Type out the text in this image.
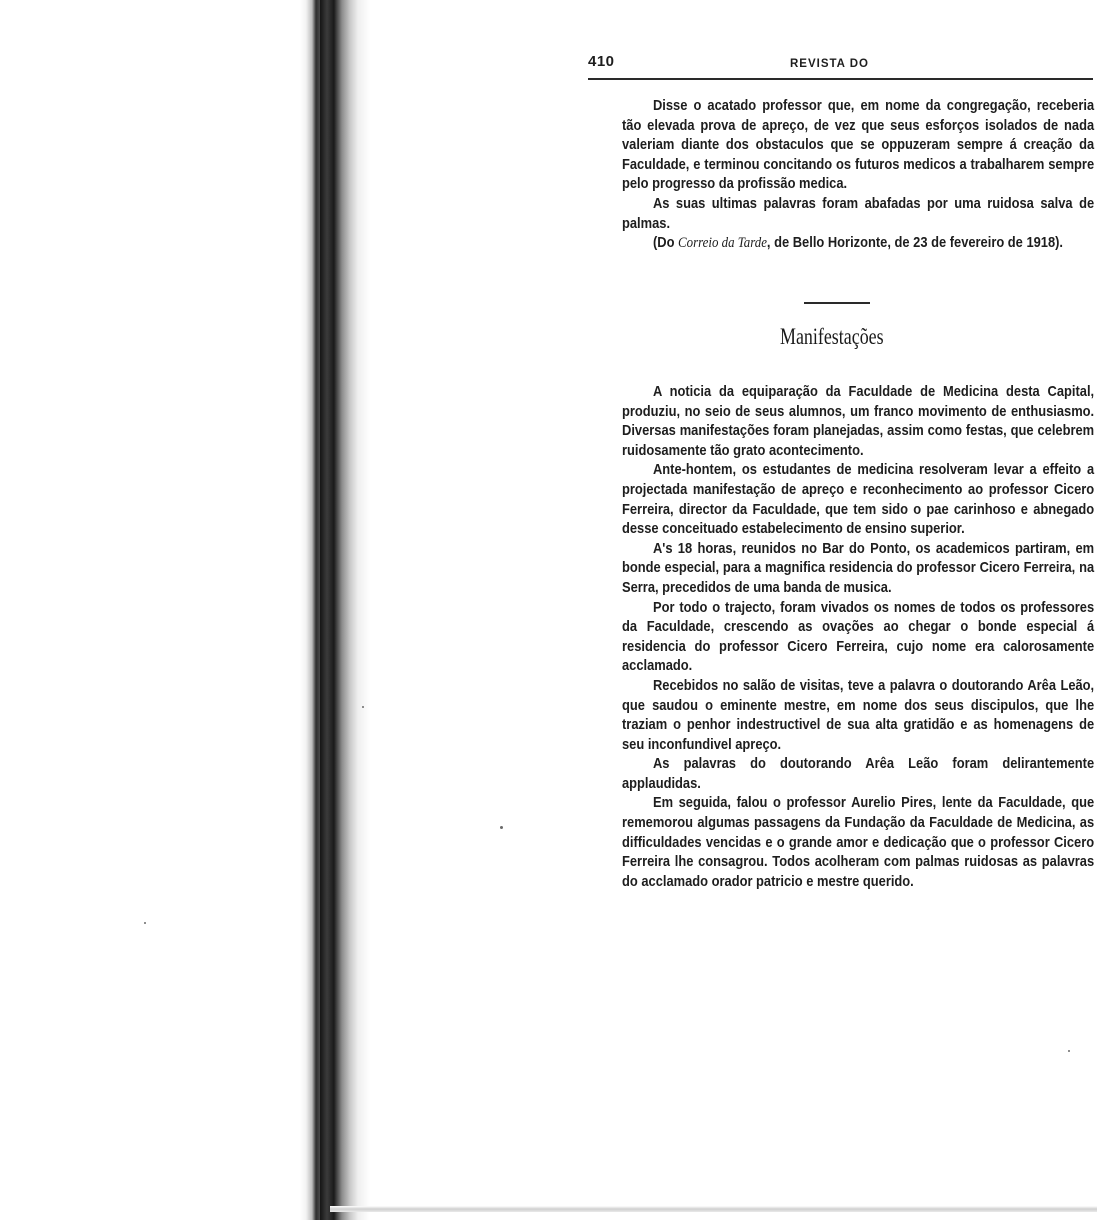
410	REVISTA DO

Disse o acatado professor que, em nome da congregação, receberia tão elevada prova de apreço, de vez que seus esforços isolados de nada valeriam diante dos obstaculos que se oppuzeram sempre á creação da Faculdade, e terminou concitando os futuros medicos a trabalharem sempre pelo progresso da profissão medica.

As suas ultimas palavras foram abafadas por uma ruidosa salva de palmas.

(Do Correio da Tarde, de Bello Horizonte, de 23 de fevereiro de 1918).

Manifestações

A noticia da equiparação da Faculdade de Medicina desta Capital, produziu, no seio de seus alumnos, um franco movimento de enthusiasmo. Diversas manifestações foram planejadas, assim como festas, que celebrem ruidosamente tão grato acontecimento.

Ante-hontem, os estudantes de medicina resolveram levar a effeito a projectada manifestação de apreço e reconhecimento ao professor Cicero Ferreira, director da Faculdade, que tem sido o pae carinhoso e abnegado desse conceituado estabelecimento de ensino superior.

A's 18 horas, reunidos no Bar do Ponto, os academicos partiram, em bonde especial, para a magnifica residencia do professor Cicero Ferreira, na Serra, precedidos de uma banda de musica.

Por todo o trajecto, foram vivados os nomes de todos os professores da Faculdade, crescendo as ovações ao chegar o bonde especial á residencia do professor Cicero Ferreira, cujo nome era calorosamente acclamado.

Recebidos no salão de visitas, teve a palavra o doutorando Arêa Leão, que saudou o eminente mestre, em nome dos seus discipulos, que lhe traziam o penhor indestructivel de sua alta gratidão e as homenagens de seu inconfundivel apreço.

As palavras do doutorando Arêa Leão foram delirantemente applaudidas.

Em seguida, falou o professor Aurelio Pires, lente da Faculdade, que rememorou algumas passagens da Fundação da Faculdade de Medicina, as difficuldades vencidas e o grande amor e dedicação que o professor Cicero Ferreira lhe consagrou. Todos acolheram com palmas ruidosas as palavras do acclamado orador patricio e mestre querido.
